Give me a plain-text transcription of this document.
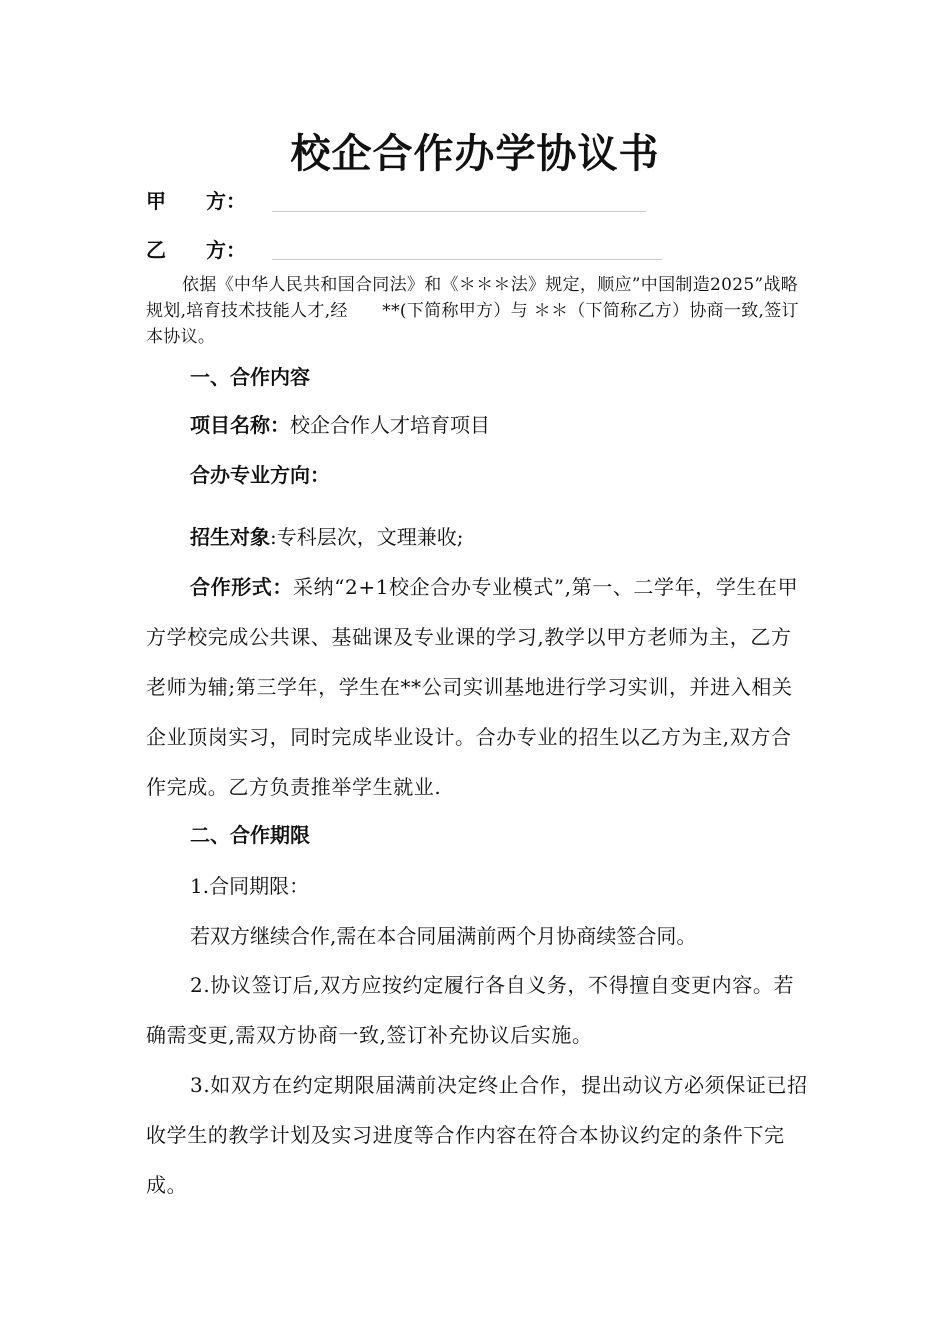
校企合作办学协议书
甲 方：
乙 方：
依据《中华人民共和国合同法》和《＊＊＊法》规定，顺应”中国制造2025”战略规划,培育技术技能人才,经　　**(下简称甲方）与 ＊＊（下简称乙方）协商一致,签订本协议。
一、合作内容
项目名称：校企合作人才培育项目
合办专业方向：
招生对象:专科层次，文理兼收;
合作形式：采纳“2+1校企合办专业模式”,第一、二学年，学生在甲方学校完成公共课、基础课及专业课的学习,教学以甲方老师为主，乙方老师为辅;第三学年，学生在**公司实训基地进行学习实训，并进入相关企业顶岗实习，同时完成毕业设计。合办专业的招生以乙方为主,双方合作完成。乙方负责推举学生就业.
二、合作期限
1.合同期限：
若双方继续合作,需在本合同届满前两个月协商续签合同。
2.协议签订后,双方应按约定履行各自义务，不得擅自变更内容。若确需变更,需双方协商一致,签订补充协议后实施。
3.如双方在约定期限届满前决定终止合作，提出动议方必须保证已招收学生的教学计划及实习进度等合作内容在符合本协议约定的条件下完成。
